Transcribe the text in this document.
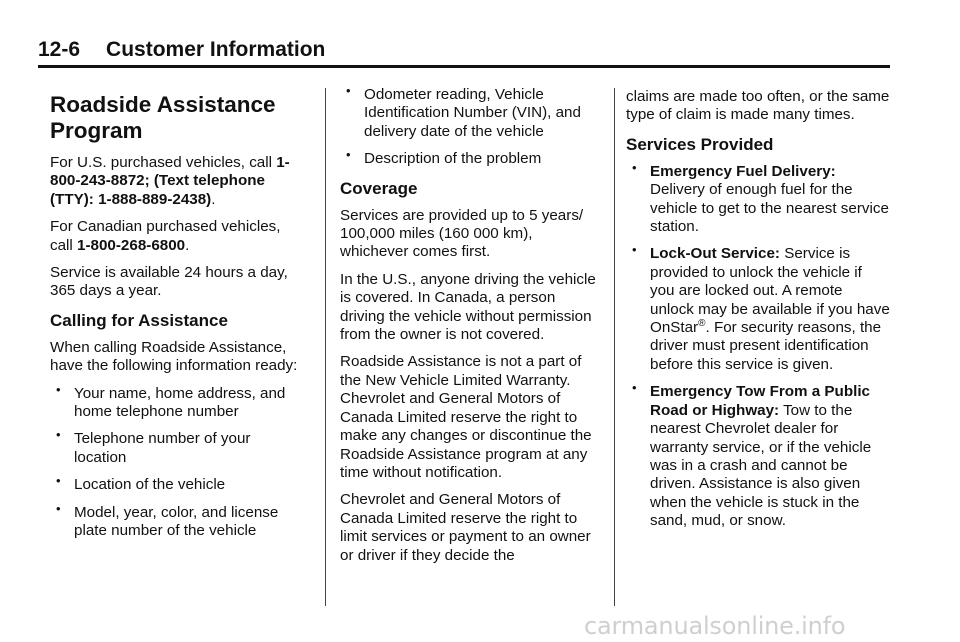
12-6 Customer Information
Roadside Assistance Program

For U.S. purchased vehicles, call 1-800-243-8872; (Text telephone (TTY): 1-888-889-2438).

For Canadian purchased vehicles, call 1-800-268-6800.

Service is available 24 hours a day, 365 days a year.

Calling for Assistance

When calling Roadside Assistance, have the following information ready:

• Your name, home address, and home telephone number
• Telephone number of your location
• Location of the vehicle
• Model, year, color, and license plate number of the vehicle
• Odometer reading, Vehicle Identification Number (VIN), and delivery date of the vehicle
• Description of the problem
Coverage

Services are provided up to 5 years/ 100,000 miles (160 000 km), whichever comes first.

In the U.S., anyone driving the vehicle is covered. In Canada, a person driving the vehicle without permission from the owner is not covered.

Roadside Assistance is not a part of the New Vehicle Limited Warranty. Chevrolet and General Motors of Canada Limited reserve the right to make any changes or discontinue the Roadside Assistance program at any time without notification.

Chevrolet and General Motors of Canada Limited reserve the right to limit services or payment to an owner or driver if they decide the

claims are made too often, or the same type of claim is made many times.

Services Provided
• Emergency Fuel Delivery: Delivery of enough fuel for the vehicle to get to the nearest service station.
• Lock-Out Service: Service is provided to unlock the vehicle if you are locked out. A remote unlock may be available if you have OnStar®. For security reasons, the driver must present identification before this service is given.
• Emergency Tow From a Public Road or Highway: Tow to the nearest Chevrolet dealer for warranty service, or if the vehicle was in a crash and cannot be driven. Assistance is also given when the vehicle is stuck in the sand, mud, or snow.
carmanualsonline.info
